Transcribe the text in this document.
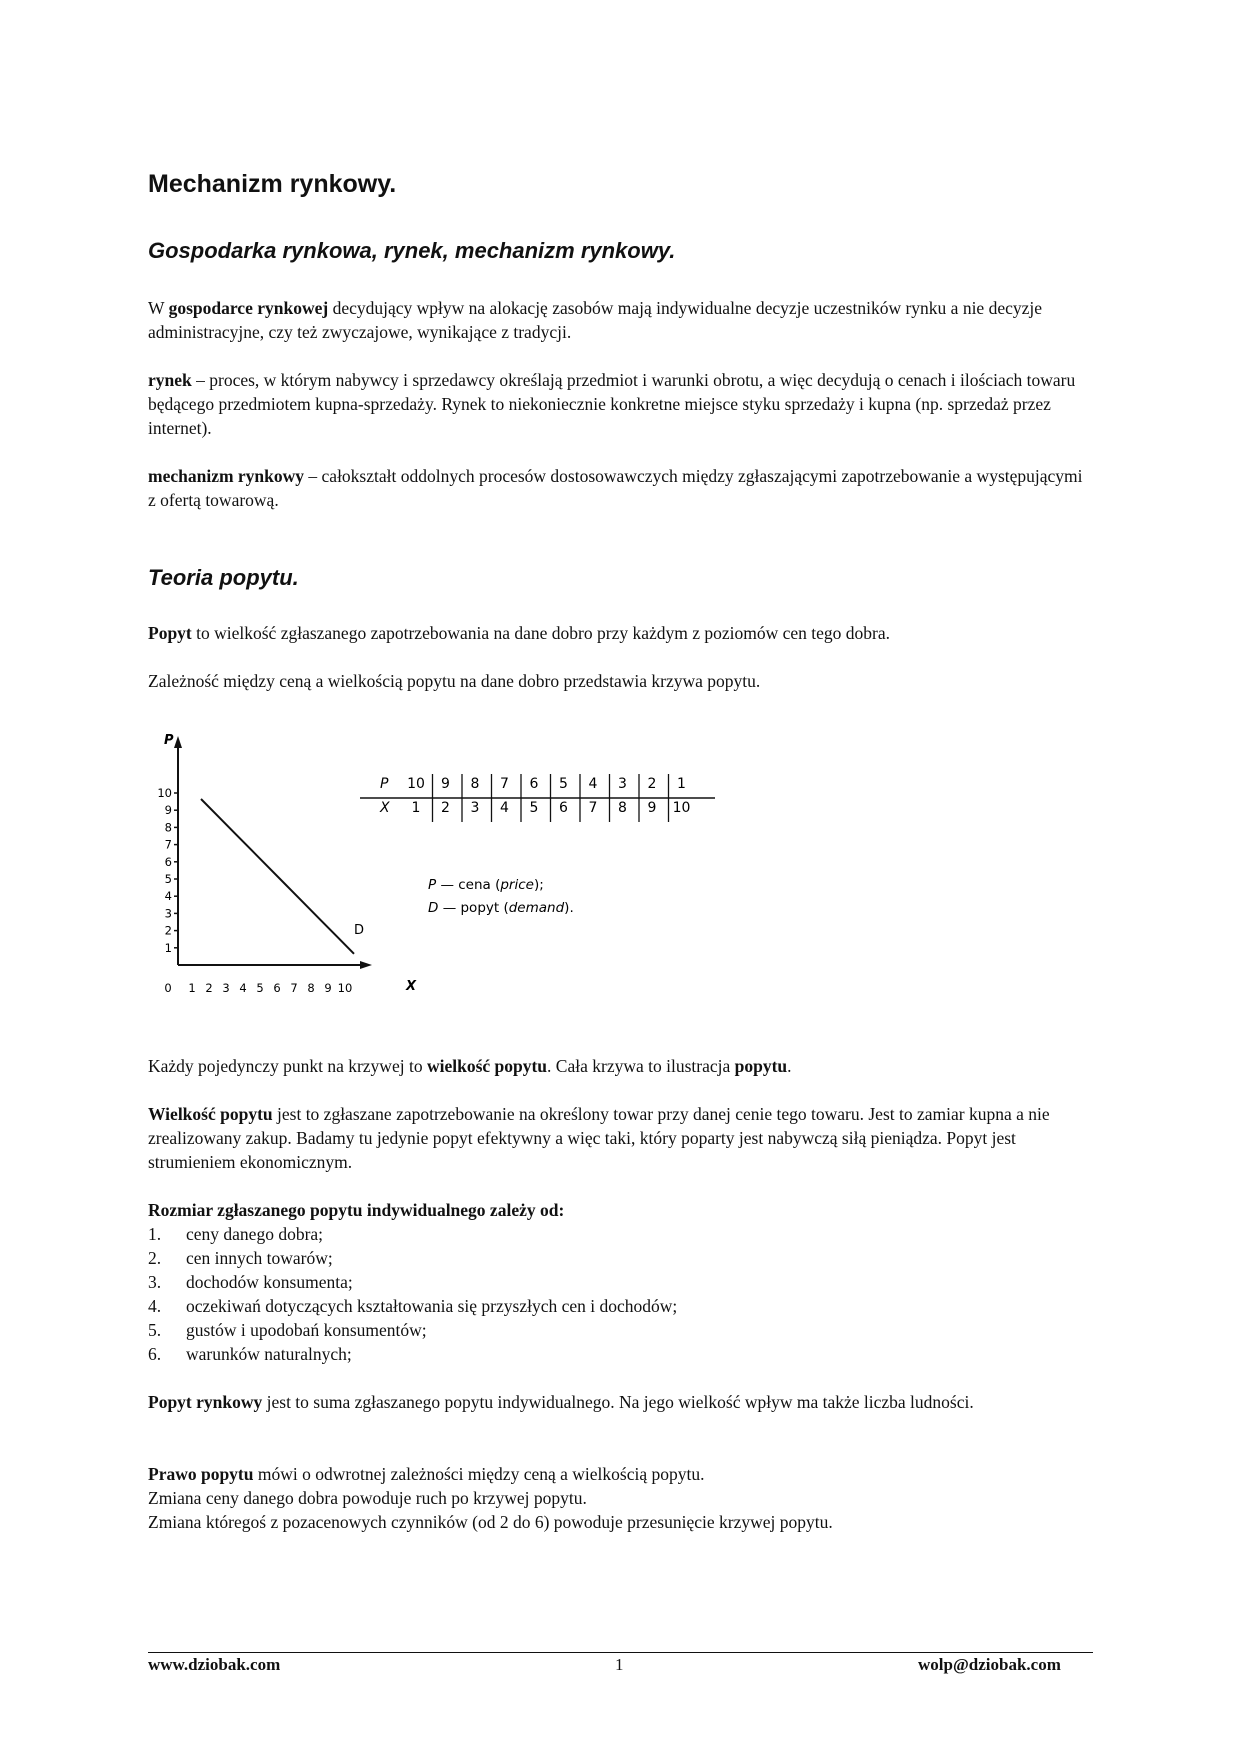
Mechanizm rynkowy.
Gospodarka rynkowa, rynek, mechanizm rynkowy.

W gospodarce rynkowej decydujący wpływ na alokację zasobów mają indywidualne decyzje uczestników rynku a nie decyzje administracyjne, czy też zwyczajowe, wynikające z tradycji.

rynek – proces, w którym nabywcy i sprzedawcy określają przedmiot i warunki obrotu, a więc decydują o cenach i ilościach towaru będącego przedmiotem kupna-sprzedaży. Rynek to niekoniecznie konkretne miejsce styku sprzedaży i kupna (np. sprzedaż przez internet).

mechanizm rynkowy – całokształt oddolnych procesów dostosowawczych między zgłaszającymi zapotrzebowanie a występującymi z ofertą towarową.

Teoria popytu.

Popyt to wielkość zgłaszanego zapotrzebowania na dane dobro przy każdym z poziomów cen tego dobra.

Zależność między ceną a wielkością popytu na dane dobro przedstawia krzywa popytu.

P
X
1
2
3
4
5
6
7
8
9
10
0 1 2 3 4 5 6 7 8 9 10
D
P
X
10
1
9
2
8
3
7
4
6
5
5
6
4
7
3
8
2
9
1
10
P — cena (price);
D — popyt (demand).

Każdy pojedynczy punkt na krzywej to wielkość popytu. Cała krzywa to ilustracja popytu.

Wielkość popytu jest to zgłaszane zapotrzebowanie na określony towar przy danej cenie tego towaru. Jest to zamiar kupna a nie zrealizowany zakup. Badamy tu jedynie popyt efektywny a więc taki, który poparty jest nabywczą siłą pieniądza. Popyt jest strumieniem ekonomicznym.

Rozmiar zgłaszanego popytu indywidualnego zależy od:

1. ceny danego dobra;
2. cen innych towarów;
3. dochodów konsumenta;
4. oczekiwań dotyczących kształtowania się przyszłych cen i dochodów;
5. gustów i upodobań konsumentów;
6. warunków naturalnych;

Popyt rynkowy jest to suma zgłaszanego popytu indywidualnego. Na jego wielkość wpływ ma także liczba ludności.

Prawo popytu mówi o odwrotnej zależności między ceną a wielkością popytu.

Zmiana ceny danego dobra powoduje ruch po krzywej popytu.

Zmiana któregoś z pozacenowych czynników (od 2 do 6) powoduje przesunięcie krzywej popytu.

www.dziobak.com	1	wolp@dziobak.com
